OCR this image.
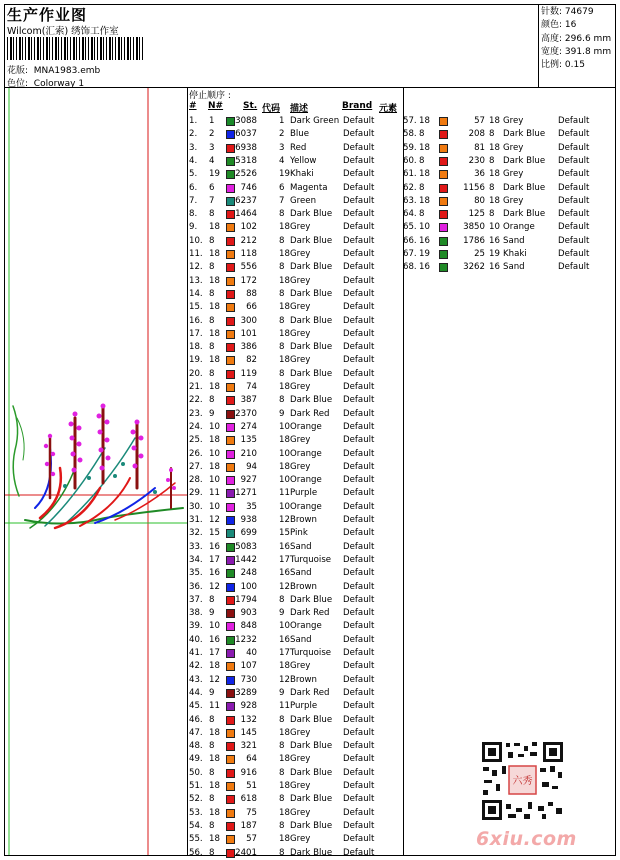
生产作业图
Wilcom(汇索) 绣饰工作室
花版: MNA1983.emb
色位: Colorway 1
针数: 74679
颜色: 16
高度: 296.6 mm
宽度: 391.8 mm
比例: 0.15
停止顺序 :
# N# St. 代码 描述	Brand 元素
1. 1 3088	1 Dark Green Default
2. 2 6037	2 Blue	Default
3. 3 6938	3 Red	Default
4. 4 5318	4 Yellow	Default
5. 19 2526	19 Khaki	Default
6. 6	746	6 Magenta Default
7. 7 6237	7 Green	Default
8. 8 1464	8 Dark Blue Default
9. 18 102	18 Grey	Default
10. 8	212	8 Dark Blue Default
11. 18 118	18 Grey	Default
12. 8	556	8 Dark Blue Default
13. 18 172	18 Grey	Default
14. 8	88	8 Dark Blue Default
15. 18	66	18 Grey	Default
16. 8	300	8 Dark Blue Default
17. 18 101	18 Grey	Default
18. 8	386	8 Dark Blue Default
19. 18	82	18 Grey	Default
20. 8	119	8 Dark Blue Default
21. 18	74	18 Grey	Default
22. 8	387	8 Dark Blue Default
23. 9 2370	9 Dark Red Default
24. 10 274	10 Orange Default
25. 18 135	18 Grey	Default
26. 10 210	10 Orange Default
27. 18	94	18 Grey	Default
28. 10 927	10 Orange Default
29. 11 1271	11 Purple	Default
30. 10	35	10 Orange Default
31. 12 938	12 Brown	Default
32. 15 699	15 Pink	Default
33. 16 5083	16 Sand	Default
34. 17 1442	17 Turquoise Default
35. 16 248	16 Sand	Default
36. 12 100	12 Brown	Default
37. 8 1794	8 Dark Blue Default
38. 9	903	9 Dark Red Default
39. 10 848	10 Orange Default
40. 16 1232	16 Sand	Default
41. 17	40	17 Turquoise Default
42. 18 107	18 Grey	Default
43. 12 730	12 Brown	Default
44. 9 3289	9 Dark Red Default
45. 11 928	11 Purple	Default
46. 8	132	8 Dark Blue Default
47. 18 145	18 Grey	Default
48. 8	321	8 Dark Blue Default
49. 18	64	18 Grey	Default
50. 8	916	8 Dark Blue Default
51. 18	51	18 Grey	Default
52. 8	618	8 Dark Blue Default
53. 18	75	18 Grey	Default
54. 8	187	8 Dark Blue Default
55. 18	57	18 Grey	Default
56. 8 2401	8 Dark Blue Default
57. 18	57 18 Grey	Default
58. 8	208 8 Dark Blue Default
59. 18	81 18 Grey	Default
60. 8	230 8 Dark Blue Default
61. 18	36 18 Grey	Default
62. 8	1156 8 Dark Blue Default
63. 18	80 18 Grey	Default
64. 8	125 8 Dark Blue Default
65. 10	3850 10 Orange	Default
66. 16	1786 16 Sand	Default
67. 19	25 19 Khaki	Default
68. 16	3262 16 Sand	Default
六秀
6xiu.com
